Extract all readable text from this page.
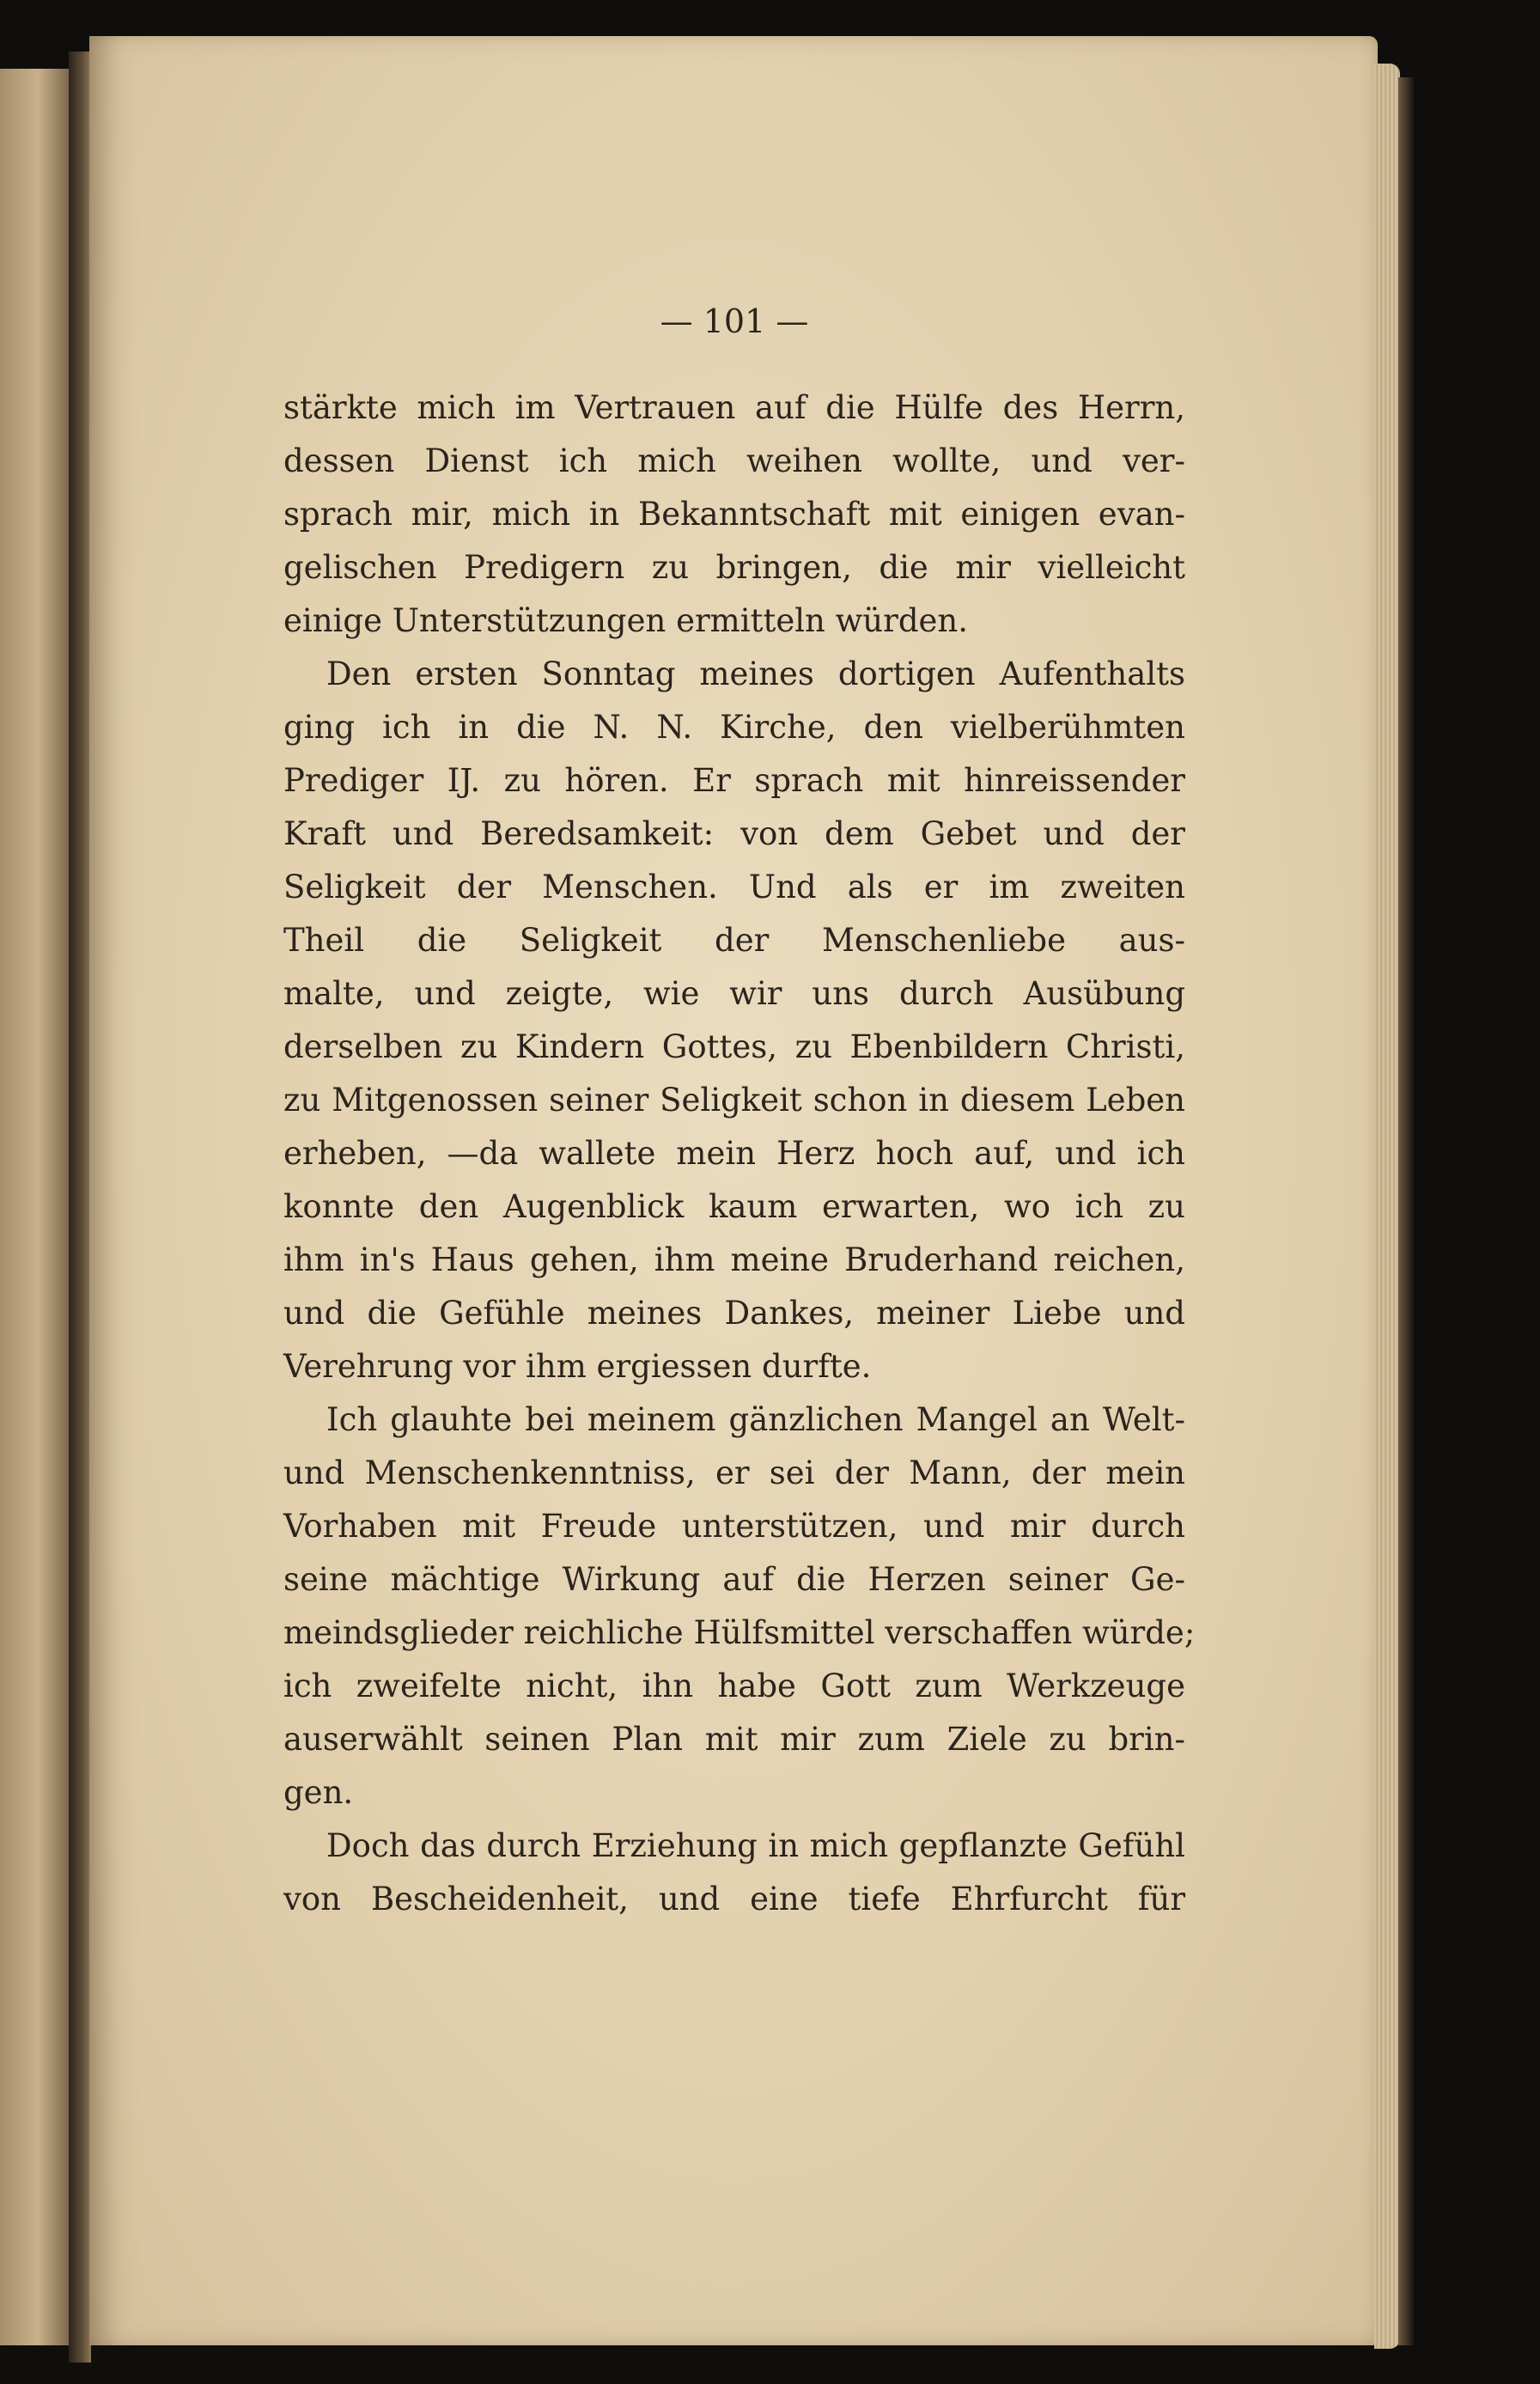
— 101 —
stärkte mich im Vertrauen auf die Hülfe des Herrn,
dessen Dienst ich mich weihen wollte, und ver-
sprach mir, mich in Bekanntschaft mit einigen evan-
gelischen Predigern zu bringen, die mir vielleicht
einige Unterstützungen ermitteln würden.
Den ersten Sonntag meines dortigen Aufenthalts
ging ich in die N. N. Kirche, den vielberühmten
Prediger IJ. zu hören. Er sprach mit hinreissender
Kraft und Beredsamkeit: von dem Gebet und der
Seligkeit der Menschen. Und als er im zweiten
Theil die Seligkeit der Menschenliebe aus-
malte, und zeigte, wie wir uns durch Ausübung
derselben zu Kindern Gottes, zu Ebenbildern Christi,
zu Mitgenossen seiner Seligkeit schon in diesem Leben
erheben, —da wallete mein Herz hoch auf, und ich
konnte den Augenblick kaum erwarten, wo ich zu
ihm in's Haus gehen, ihm meine Bruderhand reichen,
und die Gefühle meines Dankes, meiner Liebe und
Verehrung vor ihm ergiessen durfte.
Ich glauhte bei meinem gänzlichen Mangel an Welt-
und Menschenkenntniss, er sei der Mann, der mein
Vorhaben mit Freude unterstützen, und mir durch
seine mächtige Wirkung auf die Herzen seiner Ge-
meindsglieder reichliche Hülfsmittel verschaffen würde;
ich zweifelte nicht, ihn habe Gott zum Werkzeuge
auserwählt seinen Plan mit mir zum Ziele zu brin-
gen.
Doch das durch Erziehung in mich gepflanzte Gefühl
von Bescheidenheit, und eine tiefe Ehrfurcht für
